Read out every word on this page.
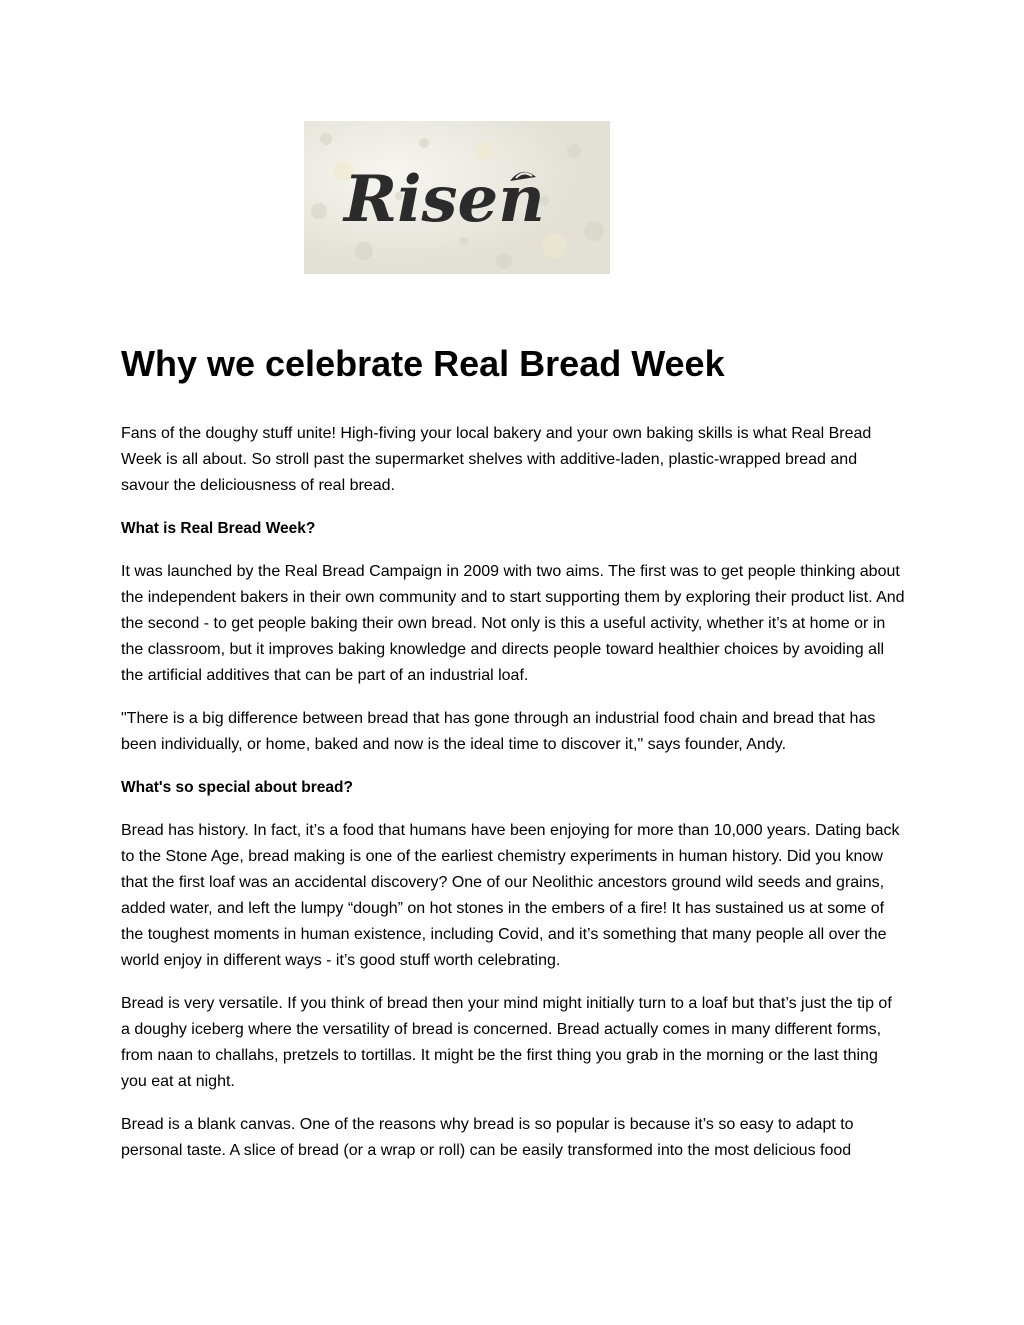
Risen
Why we celebrate Real Bread Week

Fans of the doughy stuff unite! High-fiving your local bakery and your own baking skills is what Real Bread Week is all about. So stroll past the supermarket shelves with additive-laden, plastic-wrapped bread and savour the deliciousness of real bread.

What is Real Bread Week?

It was launched by the Real Bread Campaign in 2009 with two aims. The first was to get people thinking about the independent bakers in their own community and to start supporting them by exploring their product list. And the second - to get people baking their own bread. Not only is this a useful activity, whether it’s at home or in the classroom, but it improves baking knowledge and directs people toward healthier choices by avoiding all the artificial additives that can be part of an industrial loaf.

"There is a big difference between bread that has gone through an industrial food chain and bread that has been individually, or home, baked and now is the ideal time to discover it," says founder, Andy.

What's so special about bread?

Bread has history. In fact, it’s a food that humans have been enjoying for more than 10,000 years. Dating back to the Stone Age, bread making is one of the earliest chemistry experiments in human history. Did you know that the first loaf was an accidental discovery? One of our Neolithic ancestors ground wild seeds and grains, added water, and left the lumpy “dough” on hot stones in the embers of a fire! It has sustained us at some of the toughest moments in human existence, including Covid, and it’s something that many people all over the world enjoy in different ways - it’s good stuff worth celebrating.

Bread is very versatile. If you think of bread then your mind might initially turn to a loaf but that’s just the tip of a doughy iceberg where the versatility of bread is concerned. Bread actually comes in many different forms, from naan to challahs, pretzels to tortillas. It might be the first thing you grab in the morning or the last thing you eat at night.

Bread is a blank canvas. One of the reasons why bread is so popular is because it’s so easy to adapt to personal taste. A slice of bread (or a wrap or roll) can be easily transformed into the most delicious food
